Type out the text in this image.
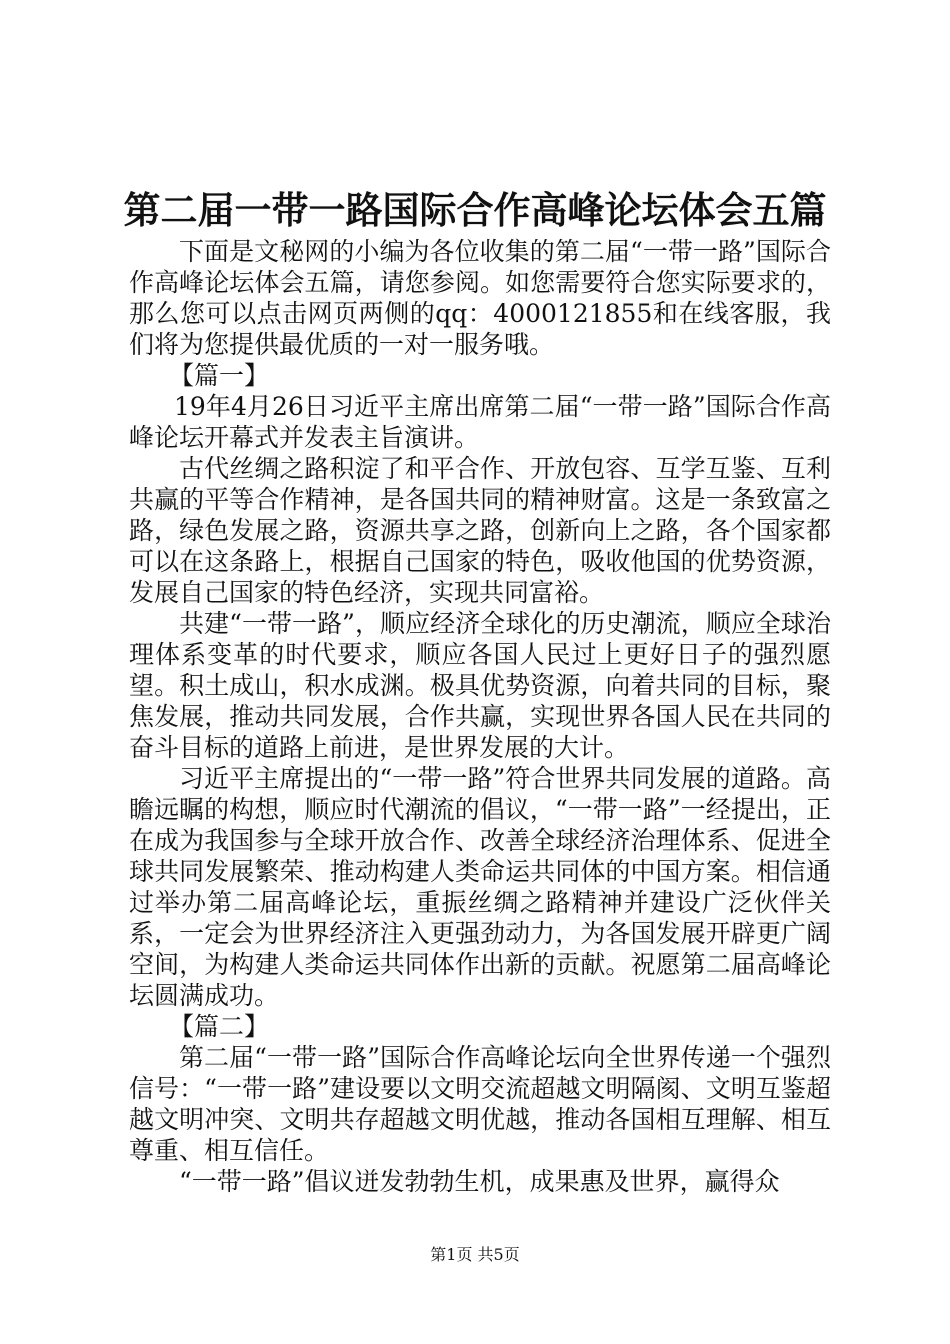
第二届一带一路国际合作高峰论坛体会五篇

下面是文秘网的小编为各位收集的第二届“一带一路”国际合作高峰论坛体会五篇，请您参阅。如您需要符合您实际要求的，那么您可以点击网页两侧的qq：4000121855和在线客服，我们将为您提供最优质的一对一服务哦。

【篇一】

19年4月26日习近平主席出席第二届“一带一路”国际合作高峰论坛开幕式并发表主旨演讲。

古代丝绸之路积淀了和平合作、开放包容、互学互鉴、互利共赢的平等合作精神，是各国共同的精神财富。这是一条致富之路，绿色发展之路，资源共享之路，创新向上之路，各个国家都可以在这条路上，根据自己国家的特色，吸收他国的优势资源，发展自己国家的特色经济，实现共同富裕。

共建“一带一路”，顺应经济全球化的历史潮流，顺应全球治理体系变革的时代要求，顺应各国人民过上更好日子的强烈愿望。积土成山，积水成渊。极具优势资源，向着共同的目标，聚焦发展，推动共同发展，合作共赢，实现世界各国人民在共同的奋斗目标的道路上前进，是世界发展的大计。

习近平主席提出的“一带一路”符合世界共同发展的道路。高瞻远瞩的构想，顺应时代潮流的倡议，“一带一路”一经提出，正在成为我国参与全球开放合作、改善全球经济治理体系、促进全球共同发展繁荣、推动构建人类命运共同体的中国方案。相信通过举办第二届高峰论坛，重振丝绸之路精神并建设广泛伙伴关系，一定会为世界经济注入更强劲动力，为各国发展开辟更广阔空间，为构建人类命运共同体作出新的贡献。祝愿第二届高峰论坛圆满成功。

【篇二】

第二届“一带一路”国际合作高峰论坛向全世界传递一个强烈信号：“一带一路”建设要以文明交流超越文明隔阂、文明互鉴超越文明冲突、文明共存超越文明优越，推动各国相互理解、相互尊重、相互信任。

“一带一路”倡议迸发勃勃生机，成果惠及世界，赢得众

第1页 共5页
